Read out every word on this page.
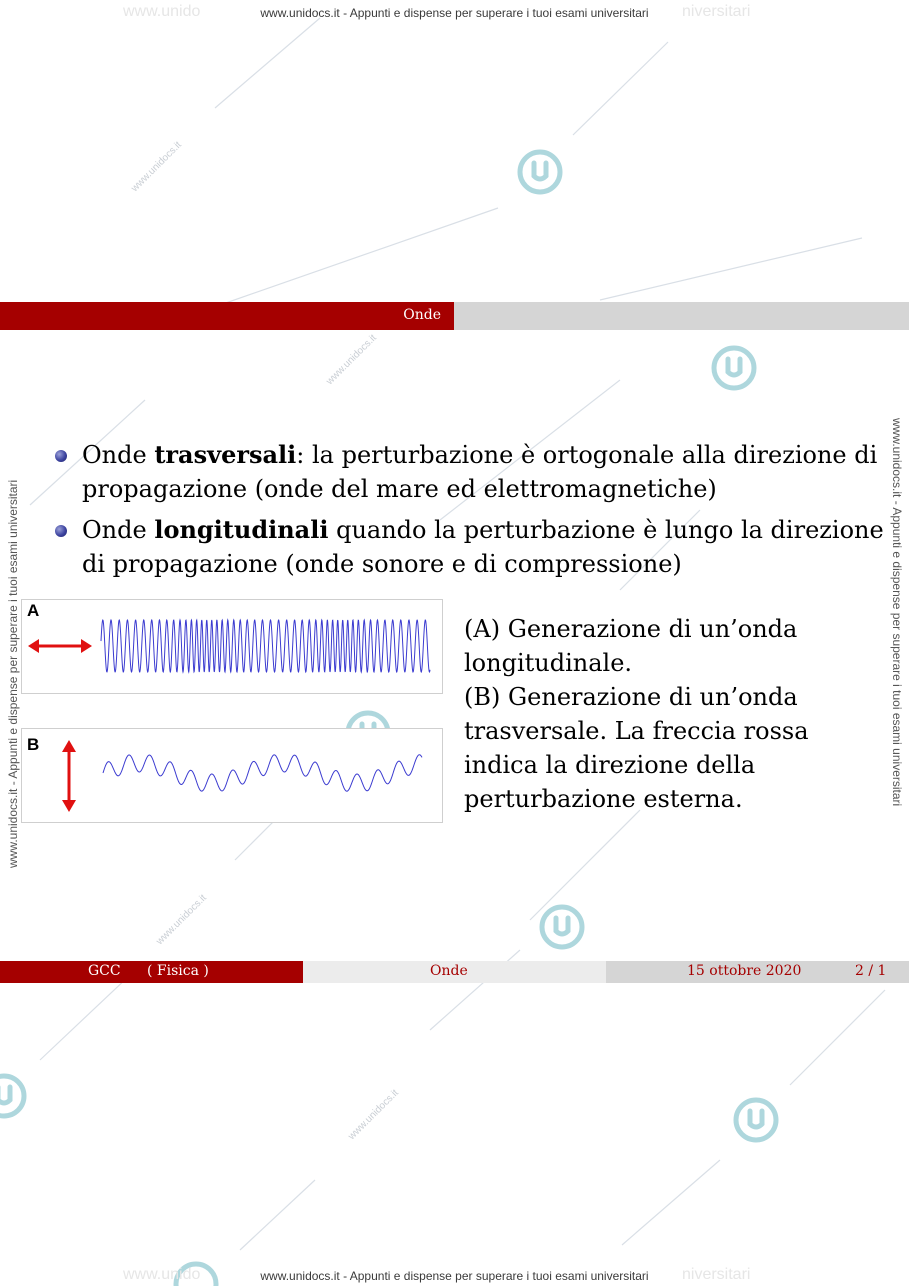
www.unidocs.it
www.unidocs.it
www.unidocs.it
www.unidocs.it
www.unido	niversitari
www.unido	niversitari
www.unidocs.it - Appunti e dispense per superare i tuoi esami universitari
www.unidocs.it - Appunti e dispense per superare i tuoi esami universitari
www.unidocs.it - Appunti e dispense per superare i tuoi esami universitari	www.unidocs.it - Appunti e dispense per superare i tuoi esami universitari
Onde
Onde trasversali: la perturbazione è ortogonale alla direzione di propagazione (onde del mare ed elettromagnetiche)
Onde longitudinali quando la perturbazione è lungo la direzione di propagazione (onde sonore e di compressione)
A
B

(A) Generazione di un’onda longitudinale.

(B) Generazione di un’onda trasversale. La freccia rossa indica la direzione della perturbazione esterna.

GCC ( Fisica )	Onde	15 ottobre 2020	2 / 1
